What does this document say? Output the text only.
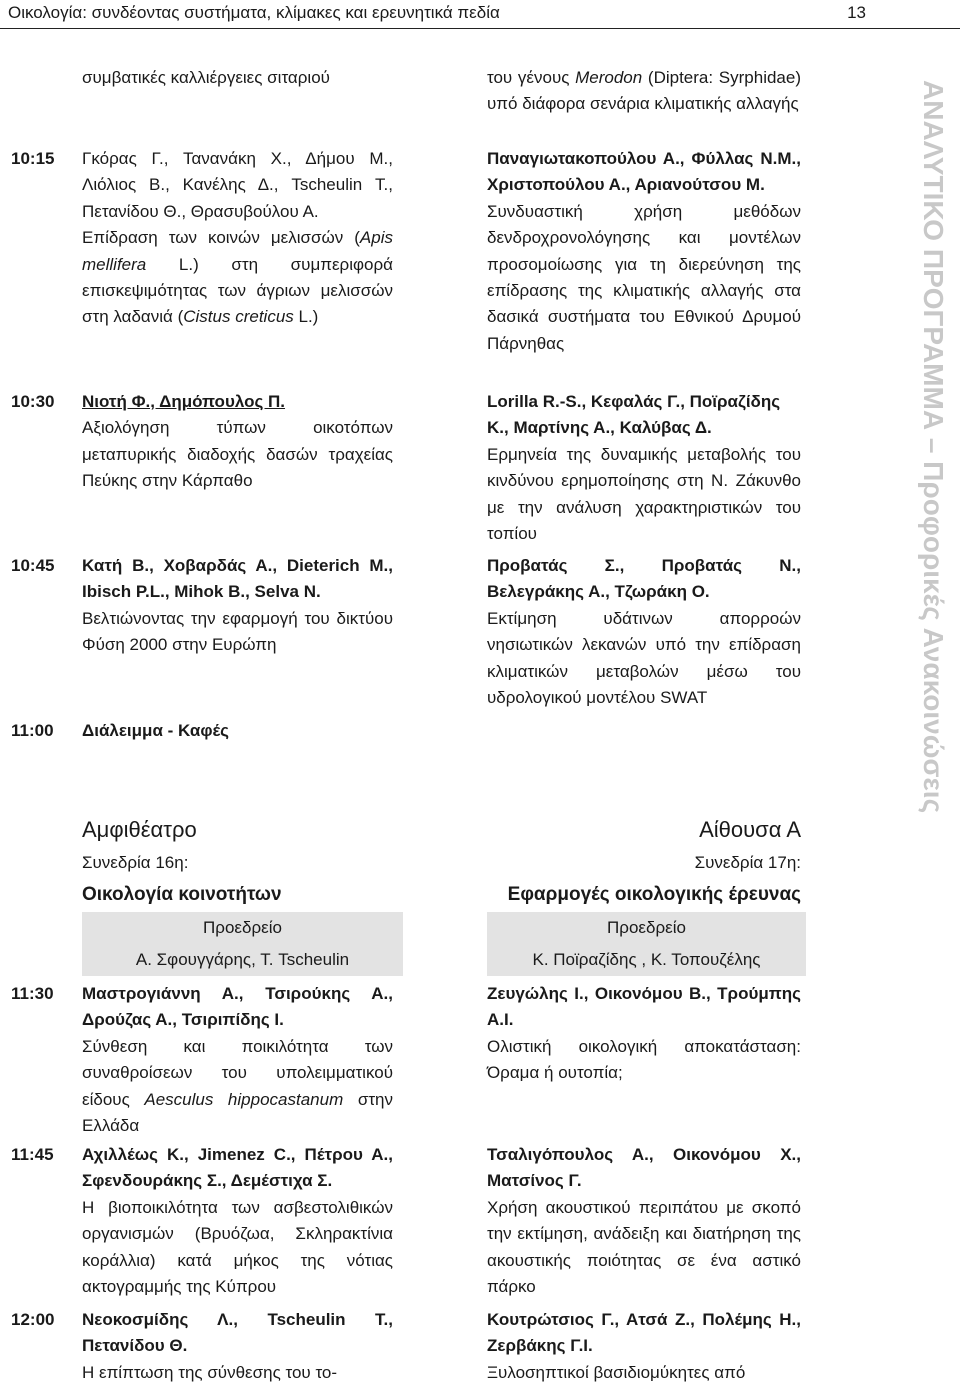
Οικολογία: συνδέοντας συστήματα, κλίμακες και ερευνητικά πεδία	13
συμβατικές καλλιέργειες σιταριού
10:15 Γκόρας Γ., Τανανάκη Χ., Δήμου Μ., Λιόλιος Β., Κανέλης Δ., Tscheulin Τ., Πετανίδου Θ., Θρασυβούλου Α.
Επίδραση των κοινών μελισσών (Apis mellifera L.) στη συμπεριφορά επισκεψιμότητας των άγριων μελισσών στη λαδανιά (Cistus creticus L.)
10:30 Νιοτή Φ., Δημόπουλος Π.
Αξιολόγηση τύπων οικοτόπων μεταπυρικής διαδοχής δασών τραχείας Πεύκης στην Κάρπαθο
10:45 Κατή Β., Χοβαρδάς Α., Dieterich M., Ibisch P.L., Mihok B., Selva N.
Βελτιώνοντας την εφαρμογή του δικτύου Φύση 2000 στην Ευρώπη
11:00 Διάλειμμα - Καφές
Αμφιθέατρο
Συνεδρία 16η:
Οικολογία κοινοτήτων
Προεδρείο
Α. Σφουγγάρης, Τ. Tscheulin
11:30 Μαστρογιάννη Α., Τσιρούκης Α., Δρούζας Α., Τσιριπίδης Ι.
Σύνθεση και ποικιλότητα των συναθροίσεων του υπολειμματικού είδους Aesculus hippocastanum στην Ελλάδα
11:45 Αχιλλέως Κ., Jimenez C., Πέτρου Α., Σφενδουράκης Σ., Δεμέστιχα Σ.
Η βιοποικιλότητα των ασβεστολιθικών οργανισμών (Βρυόζωα, Σκληρακτίνια κοράλλια) κατά μήκος της νότιας ακτογραμμής της Κύπρου
12:00 Νεοκοσμίδης Λ., Tscheulin Τ., Πετανίδου Θ.
Η επίπτωση της σύνθεσης του το-
του γένους Merodon (Diptera: Syrphidae) υπό διάφορα σενάρια κλιματικής αλλαγής
Παναγιωτακοπούλου Α., Φύλλας Ν.Μ., Χριστοπούλου Α., Αριανούτσου Μ.
Συνδυαστική χρήση μεθόδων δενδροχρονολόγησης και μοντέλων προσομοίωσης για τη διερεύνηση της επίδρασης της κλιματικής αλλαγής στα δασικά συστήματα του Εθνικού Δρυμού Πάρνηθας
Lorilla R.-S., Κεφαλάς Γ., Ποϊραζίδης Κ., Μαρτίνης Α., Καλύβας Δ.
Ερμηνεία της δυναμικής μεταβολής του κινδύνου ερημοποίησης στη Ν. Ζάκυνθο με την ανάλυση χαρακτηριστικών του τοπίου
Προβατάς Σ., Προβατάς Ν., Βελεγράκης Α., Τζωράκη Ο.
Εκτίμηση υδάτινων απορροών νησιωτικών λεκανών υπό την επίδραση κλιματικών μεταβολών μέσω του υδρολογικού μοντέλου SWAT
Αίθουσα Α
Συνεδρία 17η:
Εφαρμογές οικολογικής έρευνας
Προεδρείο
Κ. Ποϊραζίδης , Κ. Τοπουζέλης
Ζευγώλης Ι., Οικονόμου Β., Τρούμπης Α.Ι.
Ολιστική οικολογική αποκατάσταση: Όραμα ή ουτοπία;
Τσαλιγόπουλος Α., Οικονόμου Χ., Ματσίνος Γ.
Χρήση ακουστικού περιπάτου με σκοπό την εκτίμηση, ανάδειξη και διατήρηση της ακουστικής ποιότητας σε ένα αστικό πάρκο
Κουτρώτσιος Γ., Ατσά Ζ., Πολέμης Η., Ζερβάκης Γ.Ι.
Ξυλοσηπτικοί βασιδιομύκητες από
ΑΝΑΛΥΤΙΚΟ ΠΡΟΓΡΑΜΜΑ – Προφορικές Ανακοινώσεις
